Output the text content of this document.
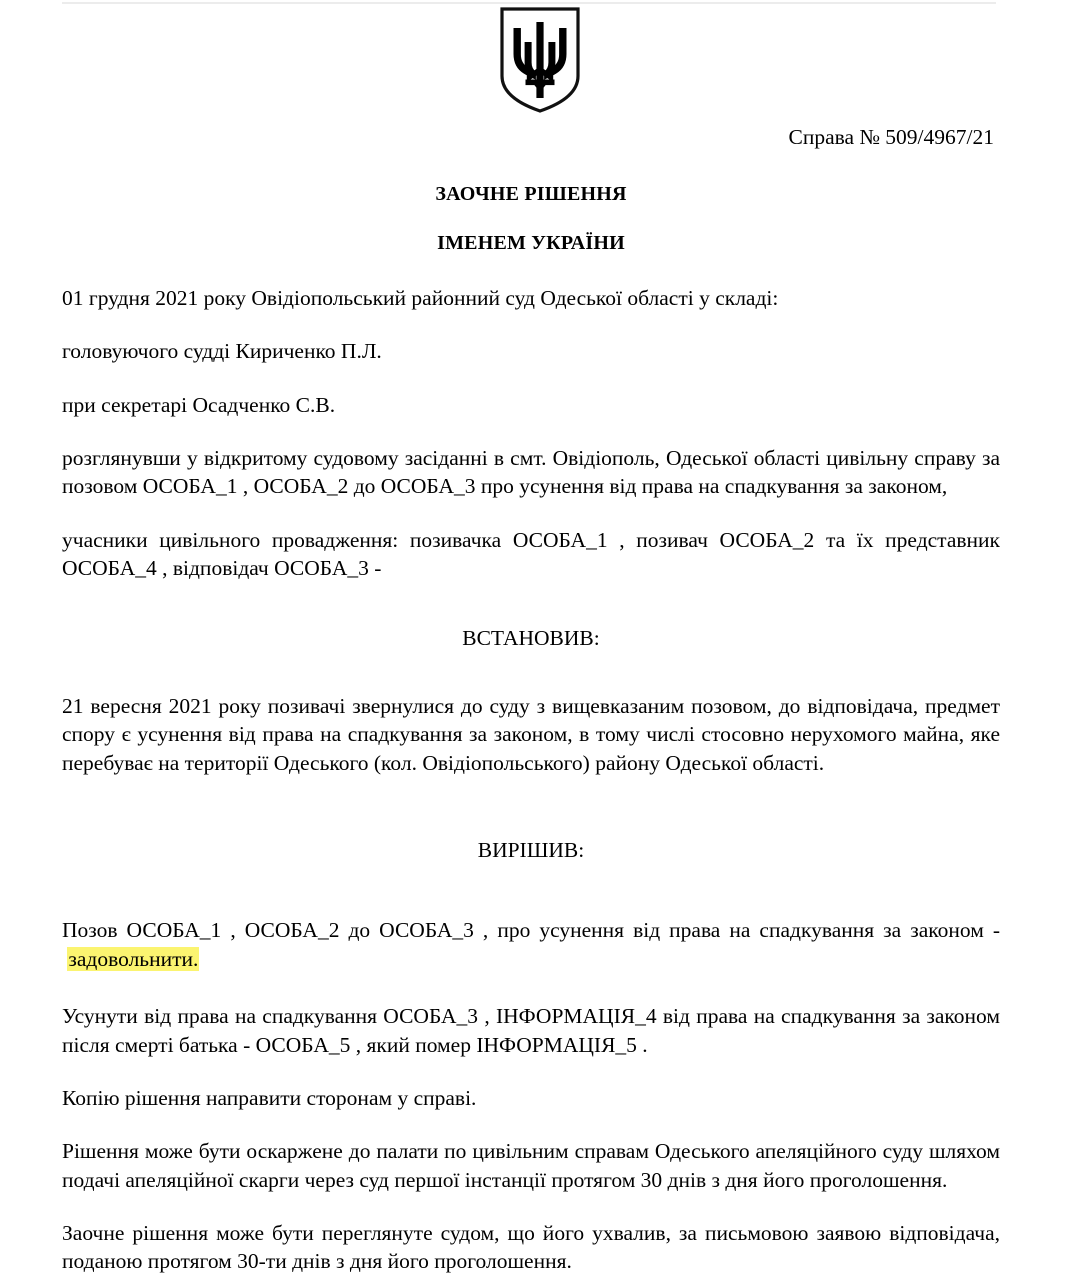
Справа № 509/4967/21

ЗАОЧНЕ РІШЕННЯ

ІМЕНЕМ УКРАЇНИ

01 грудня 2021 року Овідіопольський районний суд Одеської області у складі:

головуючого судді Кириченко П.Л.

при секретарі Осадченко С.В.

розглянувши у відкритому судовому засіданні в смт. Овідіополь, Одеської області цивільну справу за позовом ОСОБА_1 , ОСОБА_2 до ОСОБА_3 про усунення від права на спадкування за законом,

учасники цивільного провадження: позивачка ОСОБА_1 , позивач ОСОБА_2 та їх представник ОСОБА_4 , відповідач ОСОБА_3 -

ВСТАНОВИВ:

21 вересня 2021 року позивачі звернулися до суду з вищевказаним позовом, до відповідача, предмет спору є усунення від права на спадкування за законом, в тому числі стосовно нерухомого майна, яке перебуває на території Одеського (кол. Овідіопольського) району Одеської області.

ВИРІШИВ:

Позов ОСОБА_1 , ОСОБА_2 до ОСОБА_3 , про усунення від права на спадкування за законом - задовольнити.

Усунути від права на спадкування ОСОБА_3 , ІНФОРМАЦІЯ_4 від права на спадкування за законом після смерті батька - ОСОБА_5 , який помер ІНФОРМАЦІЯ_5 .

Копію рішення направити сторонам у справі.

Рішення може бути оскаржене до палати по цивільним справам Одеського апеляційного суду шляхом подачі апеляційної скарги через суд першої інстанції протягом 30 днів з дня його проголошення.

Заочне рішення може бути переглянуте судом, що його ухвалив, за письмовою заявою відповідача, поданою протягом 30-ти днів з дня його проголошення.
